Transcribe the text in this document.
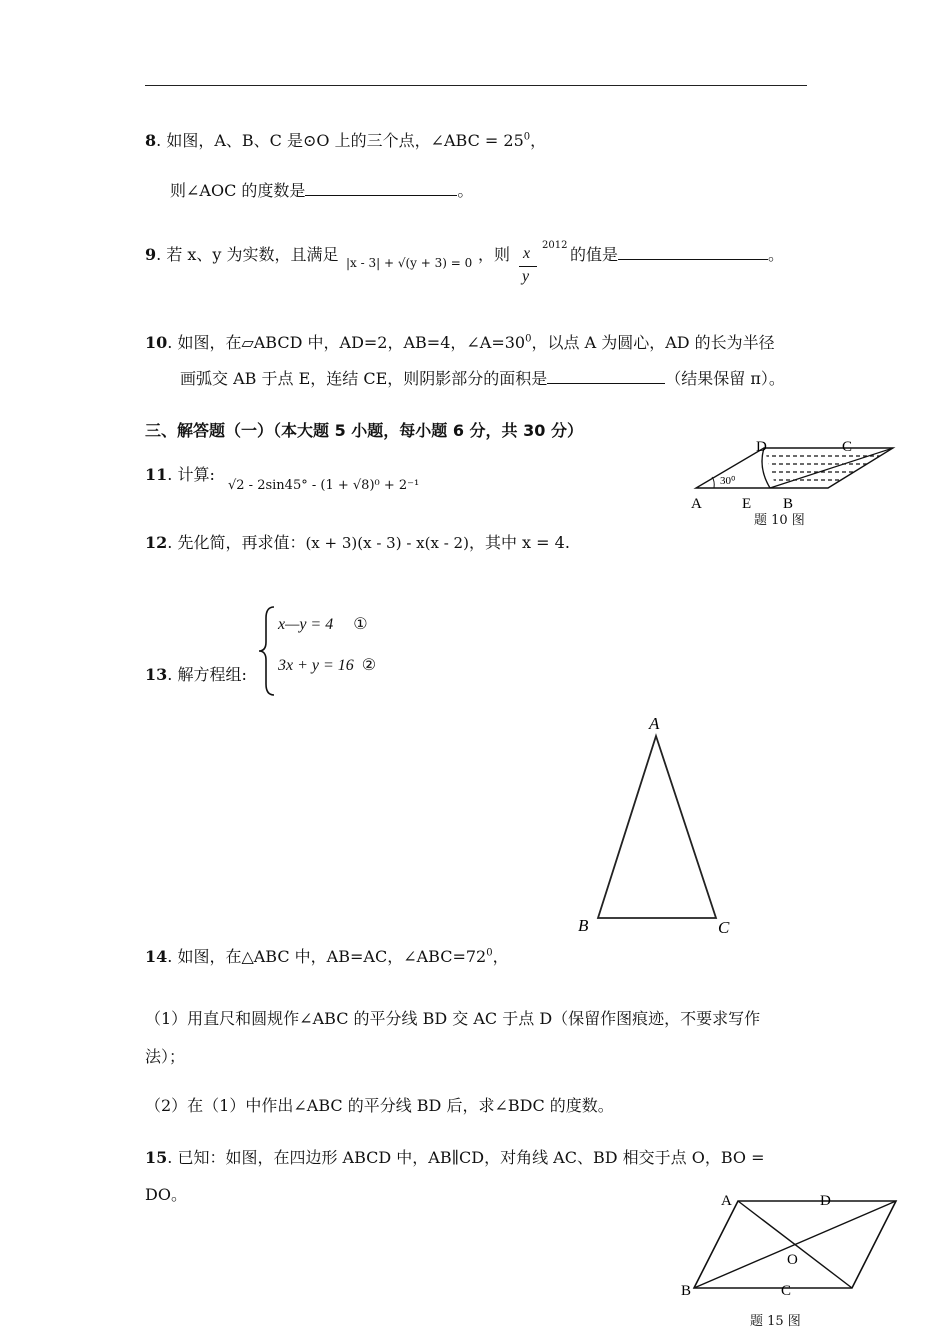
8. 如图，A、B、C 是⊙O 上的三个点，∠ABC = $25^0$，
则∠AOC 的度数是	。
9. 若 x、y 为实数，且满足 |x - 3| + √(y + 3) = 0 ，则 x
y
2012 的值是	。
10. 如图，在▱ABCD 中，AD=2，AB=4，$\angle A=30^0$，以点 A 为圆心，AD 的长为半径
画弧交 AB 于点 E，连结 CE，则阴影部分的面积是	（结果保留 π）。
三、解答题（一）（本大题 5 小题，每小题 6 分，共 30 分）
11. 计算:
√2 - 2sin45° - (1 + √8)⁰ + 2⁻¹	30⁰
A	E B
D	C
题 10 图
12. 先化简，再求值：(x + 3)(x - 3) - x(x - 2)，其中 x = 4.
13. 解方程组:
x—y = 4 ①
3x + y = 16 ②
A
B	C
14. 如图，在△ABC 中，AB=AC，$\angle ABC=72^0$，
（1）用直尺和圆规作∠ABC 的平分线 BD 交 AC 于点 D（保留作图痕迹，不要求写作
法）；
（2）在（1）中作出∠ABC 的平分线 BD 后，求∠BDC 的度数。
15. 已知：如图，在四边形 ABCD 中，AB∥CD，对角线 AC、BD 相交于点 O，BO =
DO。	A	D
O
B	C
题 15 图
